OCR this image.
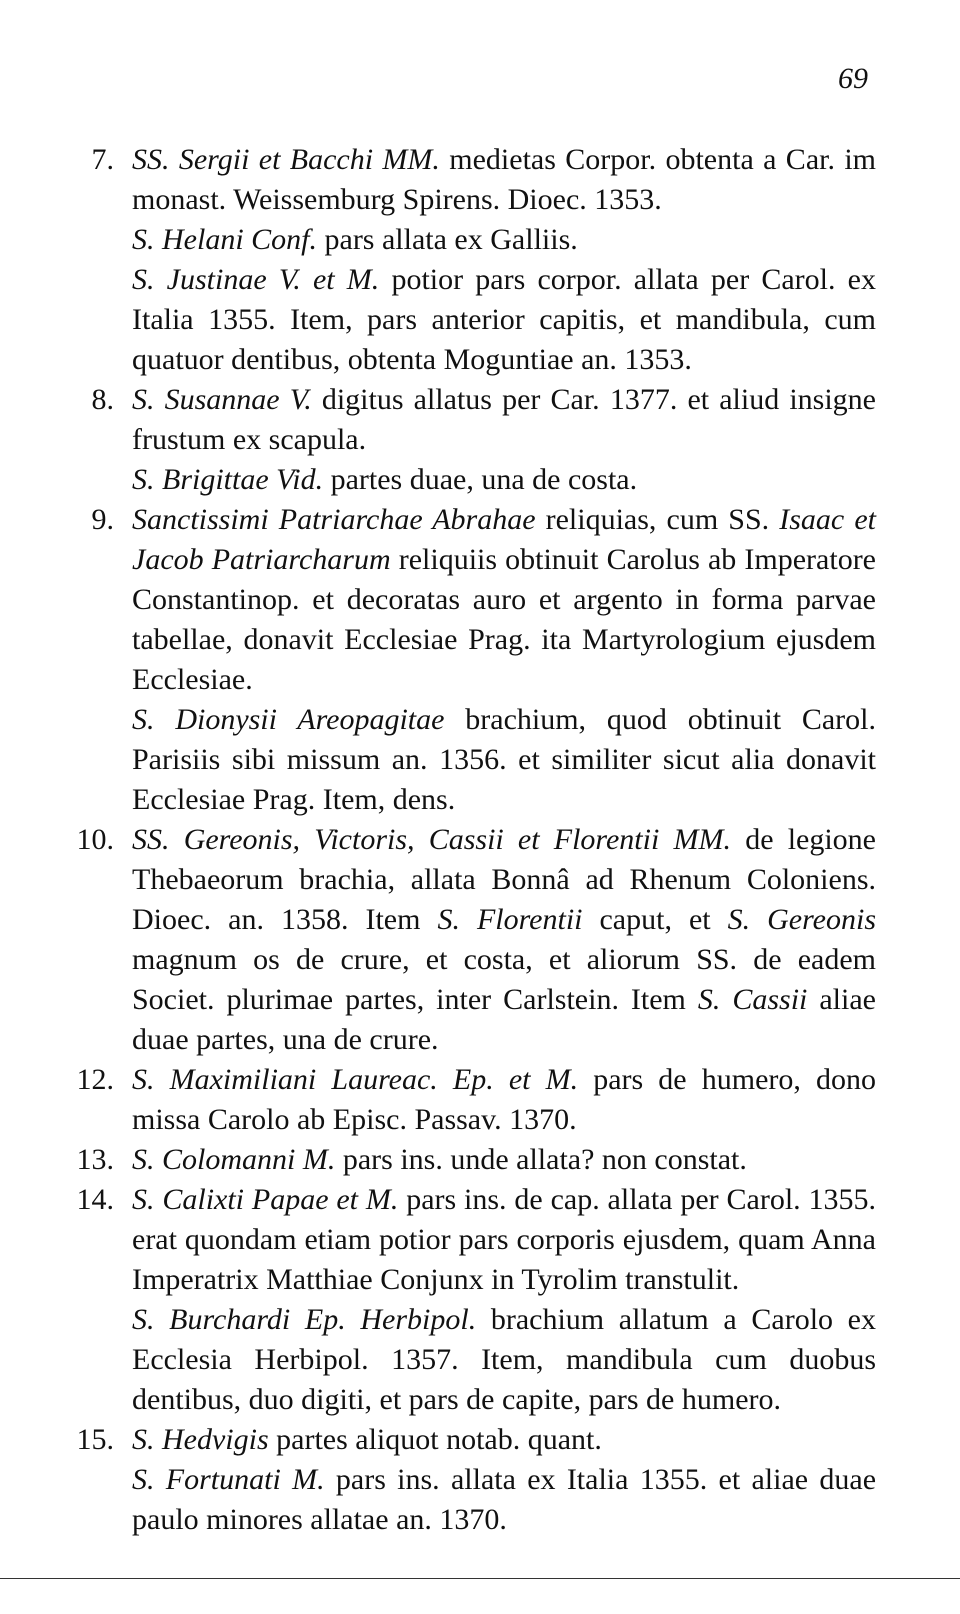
69
7. SS. Sergii et Bacchi MM. medietas Corpor. obtenta a Car. im monast. Weissemburg Spirens. Dioec. 1353.
S. Helani Conf. pars allata ex Galliis.
S. Justinae V. et M. potior pars corpor. allata per Carol. ex Italia 1355. Item, pars anterior capitis, et mandibula, cum quatuor dentibus, obtenta Moguntiae an. 1353.
8. S. Susannae V. digitus allatus per Car. 1377. et aliud insigne frustum ex scapula.
S. Brigittae Vid. partes duae, una de costa.
9. Sanctissimi Patriarchae Abrahae reliquias, cum SS. Isaac et Jacob Patriarcharum reliquiis obtinuit Carolus ab Imperatore Constantinop. et decoratas auro et argento in forma parvae tabellae, donavit Ecclesiae Prag. ita Martyrologium ejusdem Ecclesiae.
S. Dionysii Areopagitae brachium, quod obtinuit Carol. Parisiis sibi missum an. 1356. et similiter sicut alia donavit Ecclesiae Prag. Item, dens.
10. SS. Gereonis, Victoris, Cassii et Florentii MM. de legione Thebaeorum brachia, allata Bonnâ ad Rhenum Coloniens. Dioec. an. 1358. Item S. Florentii caput, et S. Gereonis magnum os de crure, et costa, et aliorum SS. de eadem Societ. plurimae partes, inter Carlstein. Item S. Cassii aliae duae partes, una de crure.
12. S. Maximiliani Laureac. Ep. et M. pars de humero, dono missa Carolo ab Episc. Passav. 1370.
13. S. Colomanni M. pars ins. unde allata? non constat.
14. S. Calixti Papae et M. pars ins. de cap. allata per Carol. 1355. erat quondam etiam potior pars corporis ejusdem, quam Anna Imperatrix Matthiae Conjunx in Tyrolim transtulit.
S. Burchardi Ep. Herbipol. brachium allatum a Carolo ex Ecclesia Herbipol. 1357. Item, mandibula cum duobus dentibus, duo digiti, et pars de capite, pars de humero.
15. S. Hedvigis partes aliquot notab. quant.
S. Fortunati M. pars ins. allata ex Italia 1355. et aliae duae paulo minores allatae an. 1370.
